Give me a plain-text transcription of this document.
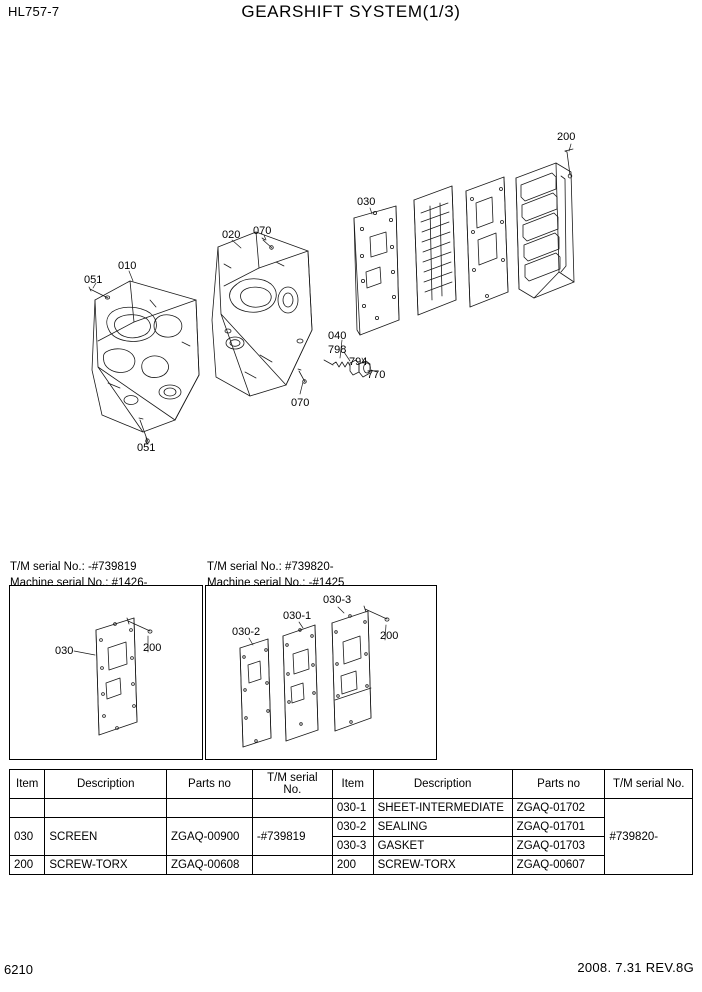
HL757-7	GEARSHIFT SYSTEM(1/3)
200
030
020 070
010
051
040
798
794
770
070
051
T/M serial No.: -#739819
Machine serial No.: #1426-
T/M serial No.: #739820-
Machine serial No.: -#1425
030	200
030-3
030-1
030-2	200
Item	Description	Parts no	T/M serial No.	Item	Description	Parts no	T/M serial No.
				030-1	SHEET-INTERMEDIATE	ZGAQ-01702	#739820-
030	SCREEN	ZGAQ-00900	-#739819	030-2	SEALING	ZGAQ-01701	
				030-3	GASKET	ZGAQ-01703	
200	SCREW-TORX	ZGAQ-00608		200	SCREW-TORX	ZGAQ-00607	
6210	2008. 7.31 REV.8G
